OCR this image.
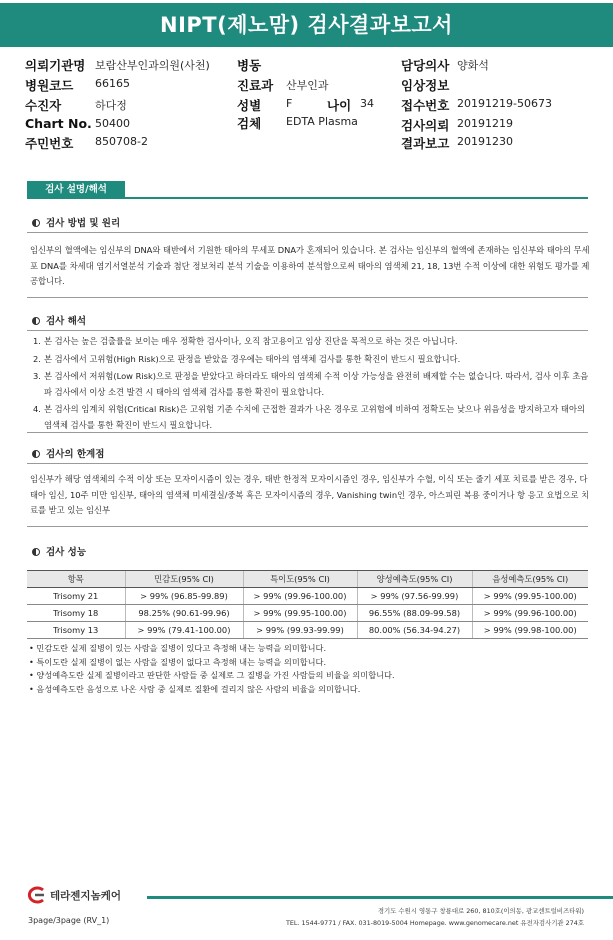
NIPT(제노맘) 검사결과보고서
의뢰기관명 보람산부인과의원(사천)
병원코드 66165
수진자	하다정
Chart No. 50400
주민번호 850708-2
병동
진료과 산부인과
성별 F	나이 34
검체 EDTA Plasma
담당의사 양화석
임상정보
접수번호 20191219-50673
검사의뢰 20191219
결과보고 20191230
검사 설명/해석
검사 방법 및 원리
임신부의 혈액에는 임신부의 DNA와 태반에서 기원한 태아의 무세포 DNA가 혼재되어 있습니다. 본 검사는 임신부의 혈액에 존재하는 임신부와 태아의 무세포 DNA를 차세대 염기서열분석 기술과 첨단 정보처리 분석 기술을 이용하여 분석함으로써 태아의 염색체 21, 18, 13번 수적 이상에 대한 위험도 평가를 제공합니다.
검사 해석
1. 본 검사는 높은 검출률을 보이는 매우 정확한 검사이나, 오직 참고용이고 임상 진단을 목적으로 하는 것은 아닙니다.
2. 본 검사에서 고위험(High Risk)으로 판정을 받았을 경우에는 태아의 염색체 검사를 통한 확진이 반드시 필요합니다.
3. 본 검사에서 저위험(Low Risk)으로 판정을 받았다고 하더라도 태아의 염색체 수적 이상 가능성을 완전히 배제할 수는 없습니다. 따라서, 검사 이후 초음파 검사에서 이상 소견 발견 시 태아의 염색체 검사를 통한 확진이 필요합니다.
4. 본 검사의 임계치 위험(Critical Risk)은 고위험 기준 수치에 근접한 결과가 나온 경우로 고위험에 비하여 정확도는 낮으나 위음성을 방지하고자 태아의 염색체 검사를 통한 확진이 반드시 필요합니다.
검사의 한계점
임신부가 해당 염색체의 수적 이상 또는 모자이시즘이 있는 경우, 태반 한정적 모자이시즘인 경우, 임신부가 수혈, 이식 또는 줄기 세포 치료를 받은 경우, 다태아 임신, 10주 미만 임신부, 태아의 염색체 미세결실/중복 혹은 모자이시즘의 경우, Vanishing twin인 경우, 아스피린 복용 중이거나 항 응고 요법으로 치료를 받고 있는 임신부
검사 성능
항목	민감도(95% CI)	특이도(95% CI)	양성예측도(95% CI)	음성예측도(95% CI)
Trisomy 21	> 99% (96.85-99.89)	> 99% (99.96-100.00)	> 99% (97.56-99.99)	> 99% (99.95-100.00)
Trisomy 18	98.25% (90.61-99.96)	> 99% (99.95-100.00)	96.55% (88.09-99.58)	> 99% (99.96-100.00)
Trisomy 13	> 99% (79.41-100.00)	> 99% (99.93-99.99)	80.00% (56.34-94.27)	> 99% (99.98-100.00)
• 민감도란 실제 질병이 있는 사람을 질병이 있다고 측정해 내는 능력을 의미합니다.
• 특이도란 실제 질병이 없는 사람을 질병이 없다고 측정해 내는 능력을 의미합니다.
• 양성예측도란 실제 질병이라고 판단한 사람들 중 실제로 그 질병을 가진 사람들의 비율을 의미합니다.
• 음성예측도란 음성으로 나온 사람 중 실제로 질환에 걸리지 않은 사람의 비율을 의미합니다.
테라젠지놈케어
3page/3page (RV_1)
경기도 수원시 영통구 창룡대로 260, 810호(이의동, 광교센트럴비즈타워)
TEL. 1544-9771 / FAX. 031-8019-5004 Homepage. www.genomecare.net 유전자검사기관 274호
